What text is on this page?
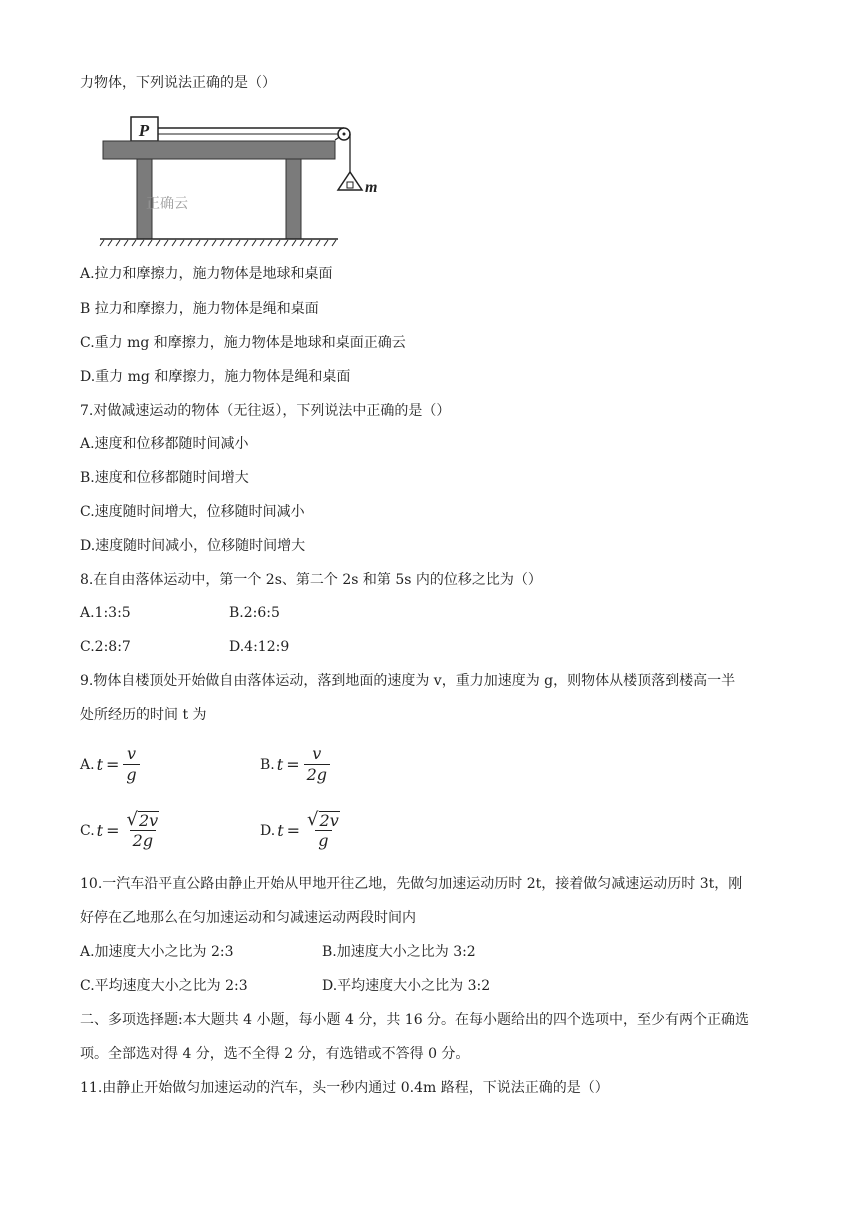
力物体，下列说法正确的是（）
P
m
正确云
A.拉力和摩擦力，施力物体是地球和桌面
B 拉力和摩擦力，施力物体是绳和桌面
C.重力 mg 和摩擦力，施力物体是地球和桌面正确云
D.重力 mg 和摩擦力，施力物体是绳和桌面
7.对做减速运动的物体（无往返），下列说法中正确的是（）
A.速度和位移都随时间减小
B.速度和位移都随时间增大
C.速度随时间增大，位移随时间减小
D.速度随时间减小，位移随时间增大
8.在自由落体运动中，第一个 2s、第二个 2s 和第 5s 内的位移之比为（）
A.1:3:5	B.2:6:5
C.2:8:7	D.4:12:9
9.物体自楼顶处开始做自由落体运动，落到地面的速度为 v，重力加速度为 g，则物体从楼顶落到楼高一半
处所经历的时间 t 为
A. $t = \frac{v}{g}$	B. $t = \frac{v}{2g}$
C. $t = \frac{√ 2v}{2g}$	D. $t = \frac{√ 2v}{g}$
10.一汽车沿平直公路由静止开始从甲地开往乙地，先做匀加速运动历时 2t，接着做匀减速运动历时 3t，刚
好停在乙地那么在匀加速运动和匀减速运动两段时间内
A.加速度大小之比为 2:3	B.加速度大小之比为 3:2
C.平均速度大小之比为 2:3	D.平均速度大小之比为 3:2
二、多项选择题:本大题共 4 小题，每小题 4 分，共 16 分。在每小题给出的四个选项中，至少有两个正确选
项。全部选对得 4 分，选不全得 2 分，有选错或不答得 0 分。
11.由静止开始做匀加速运动的汽车，头一秒内通过 0.4m 路程，下说法正确的是（）
